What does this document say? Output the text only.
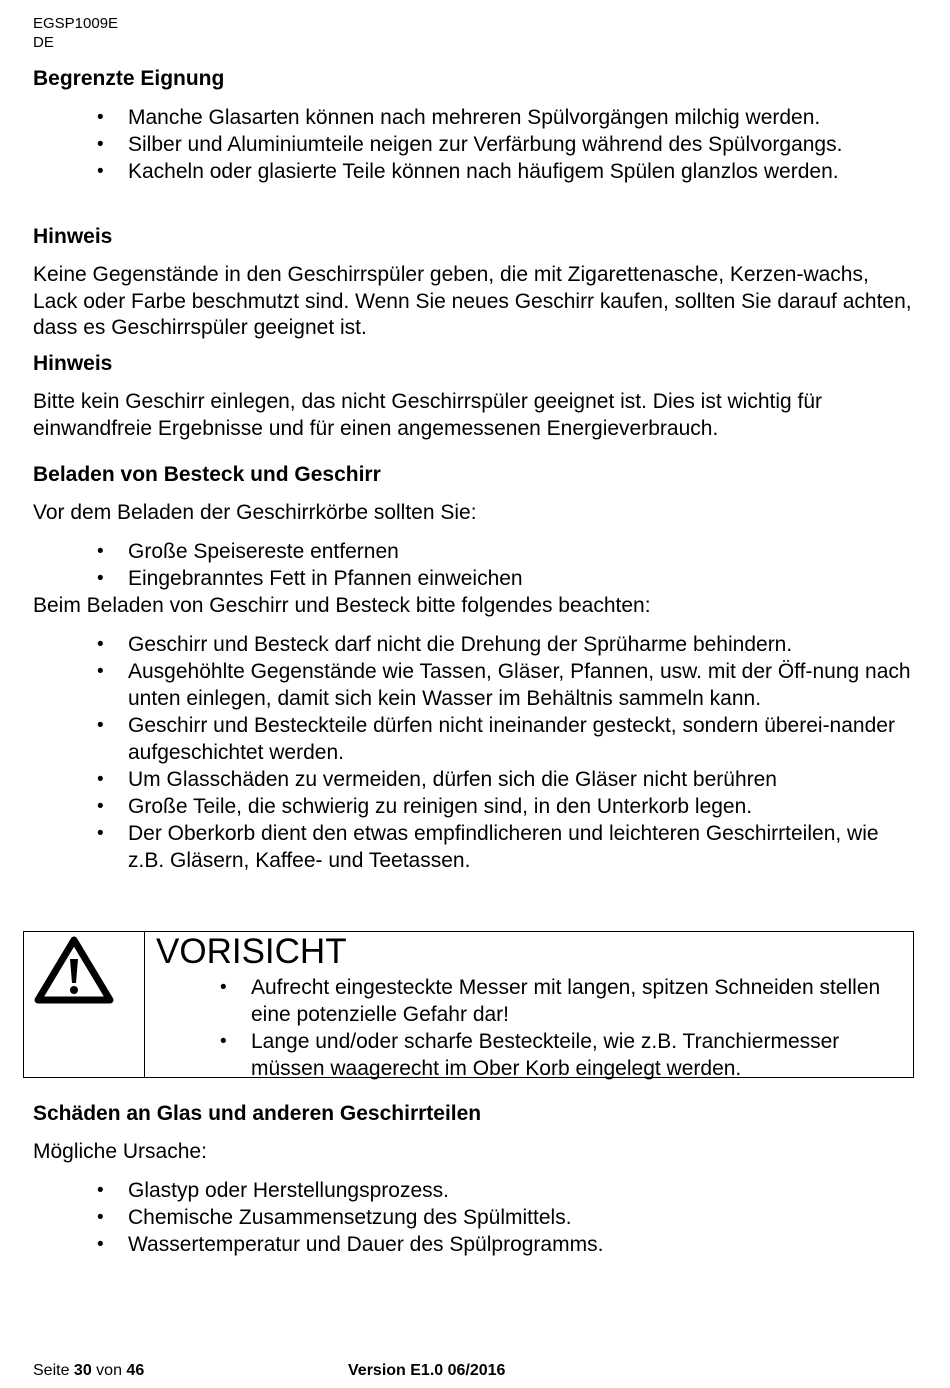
EGSP1009E
DE
Begrenzte Eignung
• Manche Glasarten können nach mehreren Spülvorgängen milchig werden.
• Silber und Aluminiumteile neigen zur Verfärbung während des Spülvorgangs.
• Kacheln oder glasierte Teile können nach häufigem Spülen glanzlos werden.
Hinweis
Keine Gegenstände in den Geschirrspüler geben, die mit Zigarettenasche, Kerzen-wachs, Lack oder Farbe beschmutzt sind. Wenn Sie neues Geschirr kaufen, sollten Sie darauf achten, dass es Geschirrspüler geeignet ist.
Hinweis
Bitte kein Geschirr einlegen, das nicht Geschirrspüler geeignet ist. Dies ist wichtig für einwandfreie Ergebnisse und für einen angemessenen Energieverbrauch.
Beladen von Besteck und Geschirr
Vor dem Beladen der Geschirrkörbe sollten Sie:
• Große Speisereste entfernen
• Eingebranntes Fett in Pfannen einweichen
Beim Beladen von Geschirr und Besteck bitte folgendes beachten:
• Geschirr und Besteck darf nicht die Drehung der Sprüharme behindern.
• Ausgehöhlte Gegenstände wie Tassen, Gläser, Pfannen, usw. mit der Öff-nung nach unten einlegen, damit sich kein Wasser im Behältnis sammeln kann.
• Geschirr und Besteckteile dürfen nicht ineinander gesteckt, sondern überei-nander aufgeschichtet werden.
• Um Glasschäden zu vermeiden, dürfen sich die Gläser nicht berühren
• Große Teile, die schwierig zu reinigen sind, in den Unterkorb legen.
• Der Oberkorb dient den etwas empfindlicheren und leichteren Geschirrteilen, wie z.B. Gläsern, Kaffee- und Teetassen.
VORISICHT
• Aufrecht eingesteckte Messer mit langen, spitzen Schneiden stellen eine potenzielle Gefahr dar!
• Lange und/oder scharfe Besteckteile, wie z.B. Tranchiermesser müssen waagerecht im Ober Korb eingelegt werden.
Schäden an Glas und anderen Geschirrteilen
Mögliche Ursache:
• Glastyp oder Herstellungsprozess.
• Chemische Zusammensetzung des Spülmittels.
• Wassertemperatur und Dauer des Spülprogramms.
Seite 30 von 46	Version E1.0 06/2016
